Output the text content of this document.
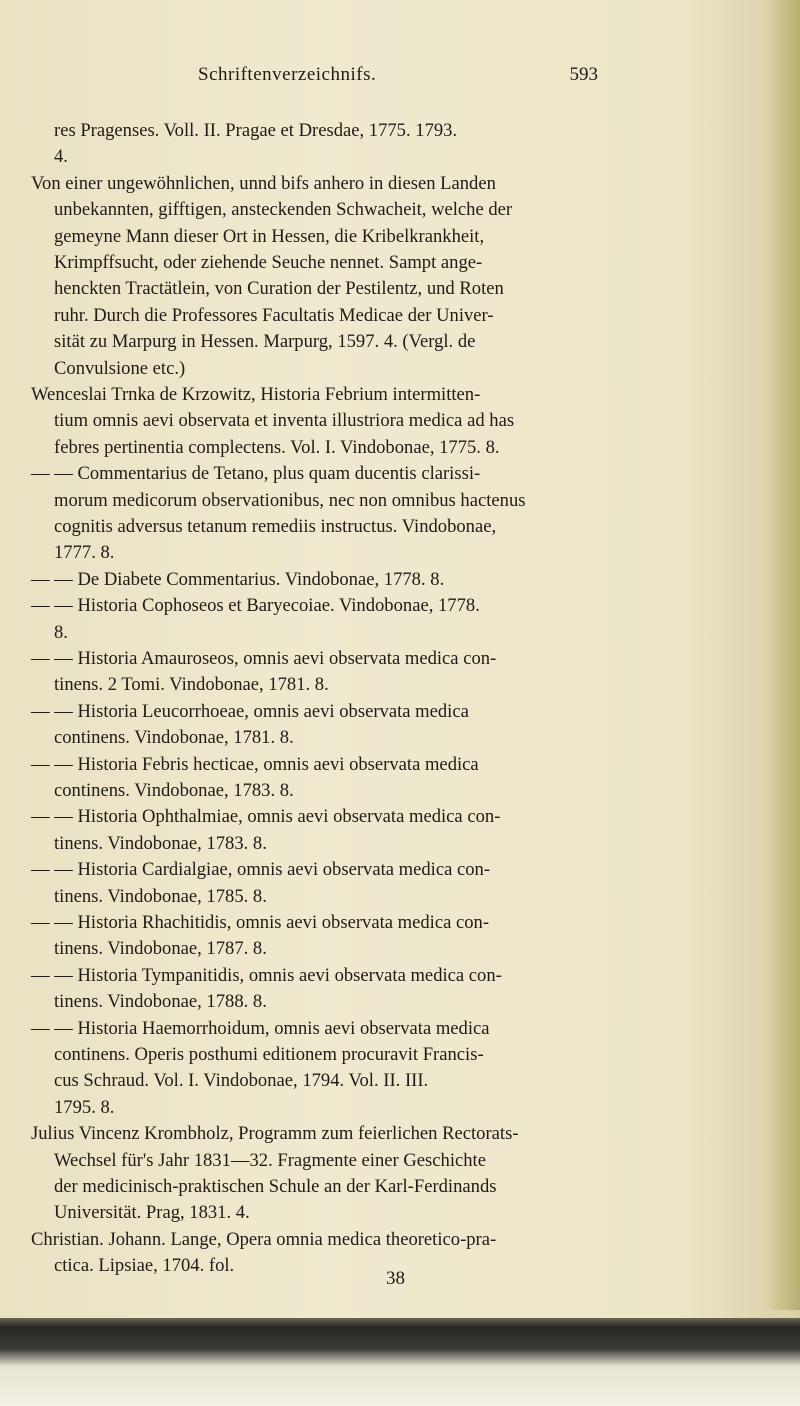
Schriftenverzeichnifs.	593
res Pragenses. Voll. II. Pragae et Dresdae, 1775. 1793.
4.
Von einer ungewöhnlichen, unnd bifs anhero in diesen Landen
unbekannten, gifftigen, ansteckenden Schwacheit, welche der
gemeyne Mann dieser Ort in Hessen, die Kribelkrankheit,
Krimpffsucht, oder ziehende Seuche nennet. Sampt ange-
henckten Tractätlein, von Curation der Pestilentz, und Roten
ruhr. Durch die Professores Facultatis Medicae der Univer-
sität zu Marpurg in Hessen. Marpurg, 1597. 4. (Vergl. de
Convulsione etc.)
Wenceslai Trnka de Krzowitz, Historia Febrium intermitten-
tium omnis aevi observata et inventa illustriora medica ad has
febres pertinentia complectens. Vol. I. Vindobonae, 1775. 8.
— — Commentarius de Tetano, plus quam ducentis clarissi-
morum medicorum observationibus, nec non omnibus hactenus
cognitis adversus tetanum remediis instructus. Vindobonae,
1777. 8.
— — De Diabete Commentarius. Vindobonae, 1778. 8.
— — Historia Cophoseos et Baryecoiae. Vindobonae, 1778.
8.
— — Historia Amauroseos, omnis aevi observata medica con-
tinens. 2 Tomi. Vindobonae, 1781. 8.
— — Historia Leucorrhoeae, omnis aevi observata medica
continens. Vindobonae, 1781. 8.
— — Historia Febris hecticae, omnis aevi observata medica
continens. Vindobonae, 1783. 8.
— — Historia Ophthalmiae, omnis aevi observata medica con-
tinens. Vindobonae, 1783. 8.
— — Historia Cardialgiae, omnis aevi observata medica con-
tinens. Vindobonae, 1785. 8.
— — Historia Rhachitidis, omnis aevi observata medica con-
tinens. Vindobonae, 1787. 8.
— — Historia Tympanitidis, omnis aevi observata medica con-
tinens. Vindobonae, 1788. 8.
— — Historia Haemorrhoidum, omnis aevi observata medica
continens. Operis posthumi editionem procuravit Francis-
cus Schraud. Vol. I. Vindobonae, 1794. Vol. II. III.
1795. 8.
Julius Vincenz Krombholz, Programm zum feierlichen Rectorats-
Wechsel für's Jahr 1831—32. Fragmente einer Geschichte
der medicinisch-praktischen Schule an der Karl-Ferdinands
Universität. Prag, 1831. 4.
Christian. Johann. Lange, Opera omnia medica theoretico-pra-
ctica. Lipsiae, 1704. fol.
38
